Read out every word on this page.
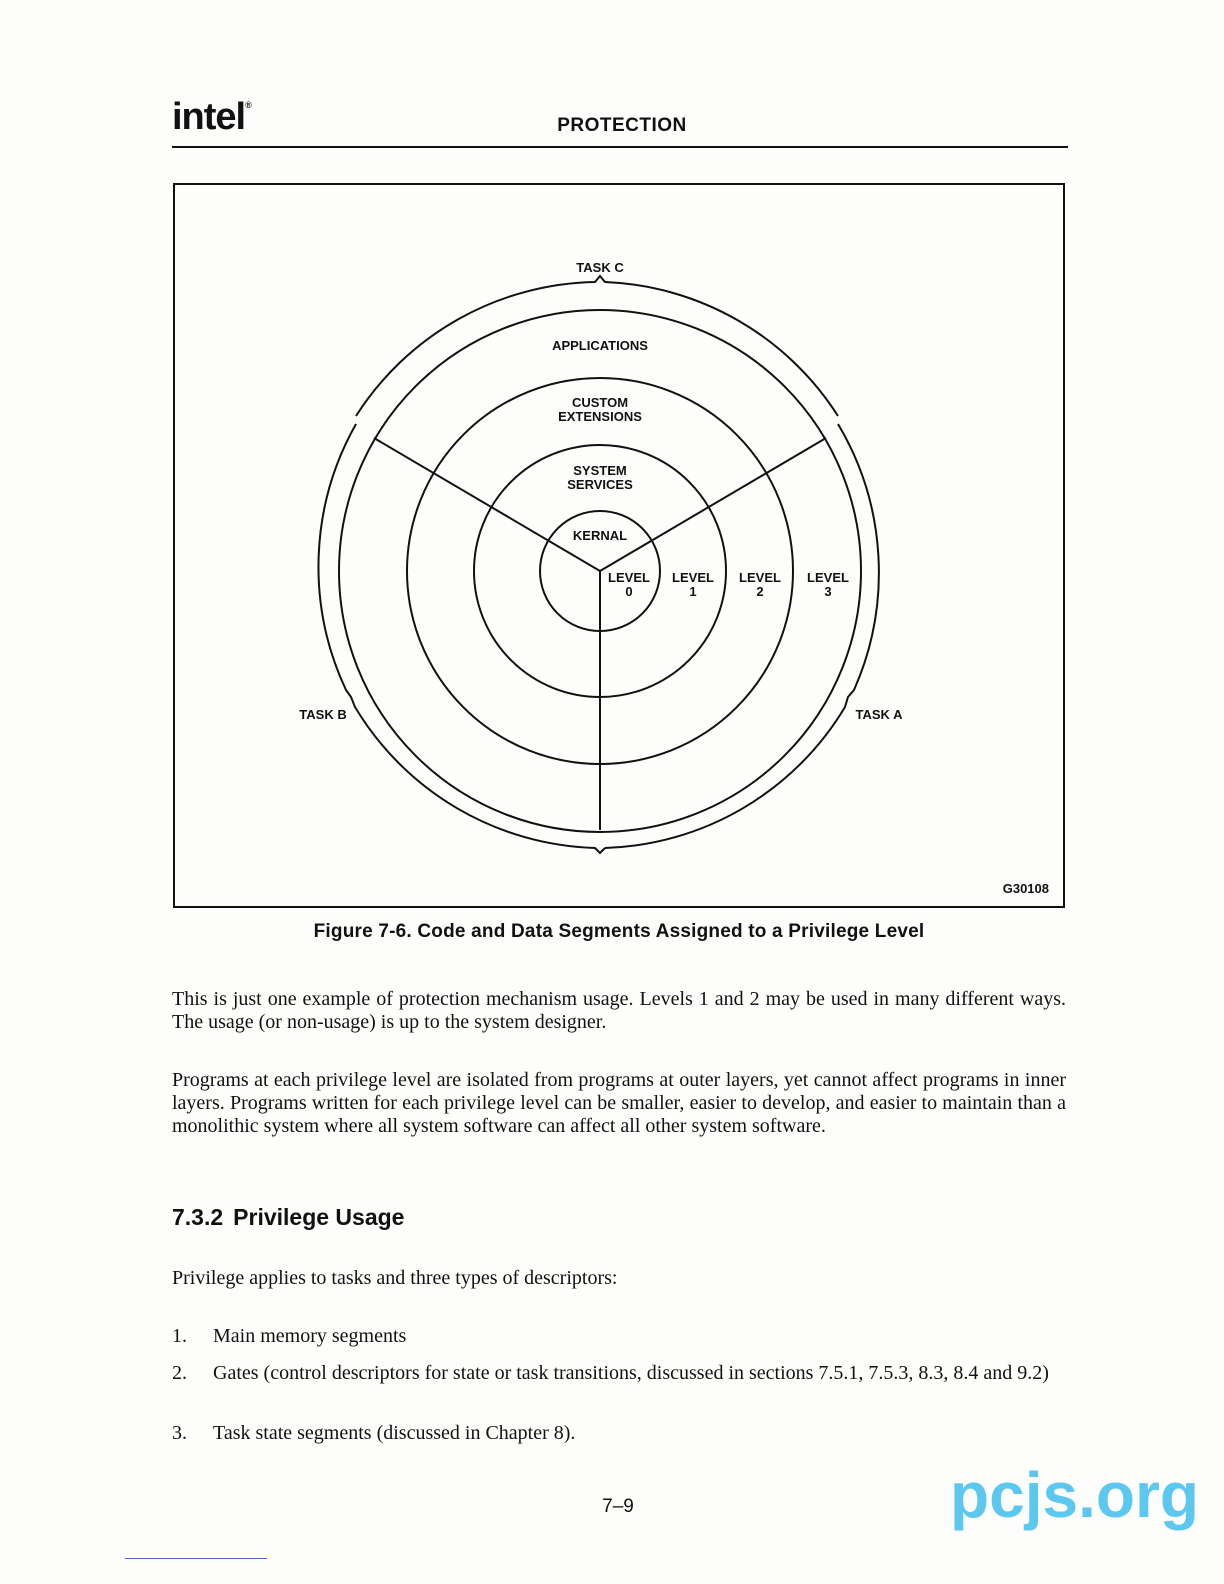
intel®
PROTECTION
TASK C
TASK B	TASK A
APPLICATIONS
CUSTOM
EXTENSIONS
SYSTEM
SERVICES
KERNAL
LEVEL
0
LEVEL
1
LEVEL
2
LEVEL
3
G30108
Figure 7-6. Code and Data Segments Assigned to a Privilege Level

This is just one example of protection mechanism usage. Levels 1 and 2 may be used in many different ways. The usage (or non-usage) is up to the system designer.

Programs at each privilege level are isolated from programs at outer layers, yet cannot affect programs in inner layers. Programs written for each privilege level can be smaller, easier to develop, and easier to maintain than a monolithic system where all system software can affect all other system software.

7.3.2 Privilege Usage

Privilege applies to tasks and three types of descriptors:

1. Main memory segments
2. Gates (control descriptors for state or task transitions, discussed in sections 7.5.1, 7.5.3, 8.3, 8.4 and 9.2)
3. Task state segments (discussed in Chapter 8).
7–9	pcjs.org
